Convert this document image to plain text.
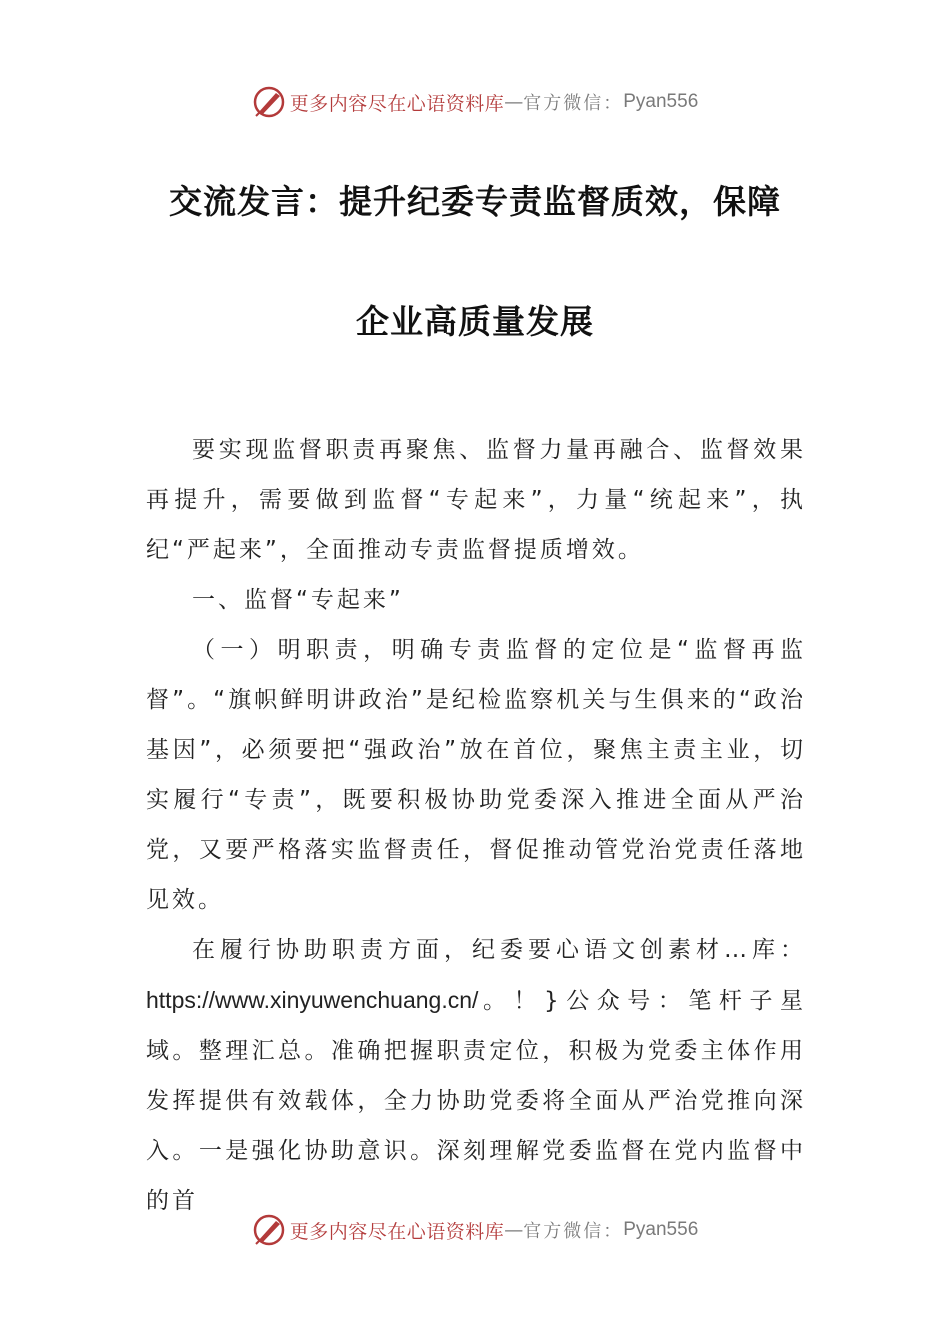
更多内容尽在心语资料库 — 官方微信： Pyan556
交流发言：提升纪委专责监督质效，保障
企业高质量发展

要实现监督职责再聚焦、监督力量再融合、监督效果再提升，需要做到监督“专起来”，力量“统起来”，执纪“严起来”，全面推动专责监督提质增效。

一、监督“专起来”

（一）明职责，明确专责监督的定位是“监督再监督”。“旗帜鲜明讲政治”是纪检监察机关与生俱来的“政治基因”，必须要把“强政治”放在首位，聚焦主责主业，切实履行“专责”，既要积极协助党委深入推进全面从严治党，又要严格落实监督责任，督促推动管党治党责任落地见效。

在履行协助职责方面，纪委要心语文创素材…库：https://www.xinyuwenchuang.cn/。！}公众号：笔杆子星域。整理汇总。准确把握职责定位，积极为党委主体作用发挥提供有效载体，全力协助党委将全面从严治党推向深入。一是强化协助意识。深刻理解党委监督在党内监督中的首

更多内容尽在心语资料库 — 官方微信： Pyan556
